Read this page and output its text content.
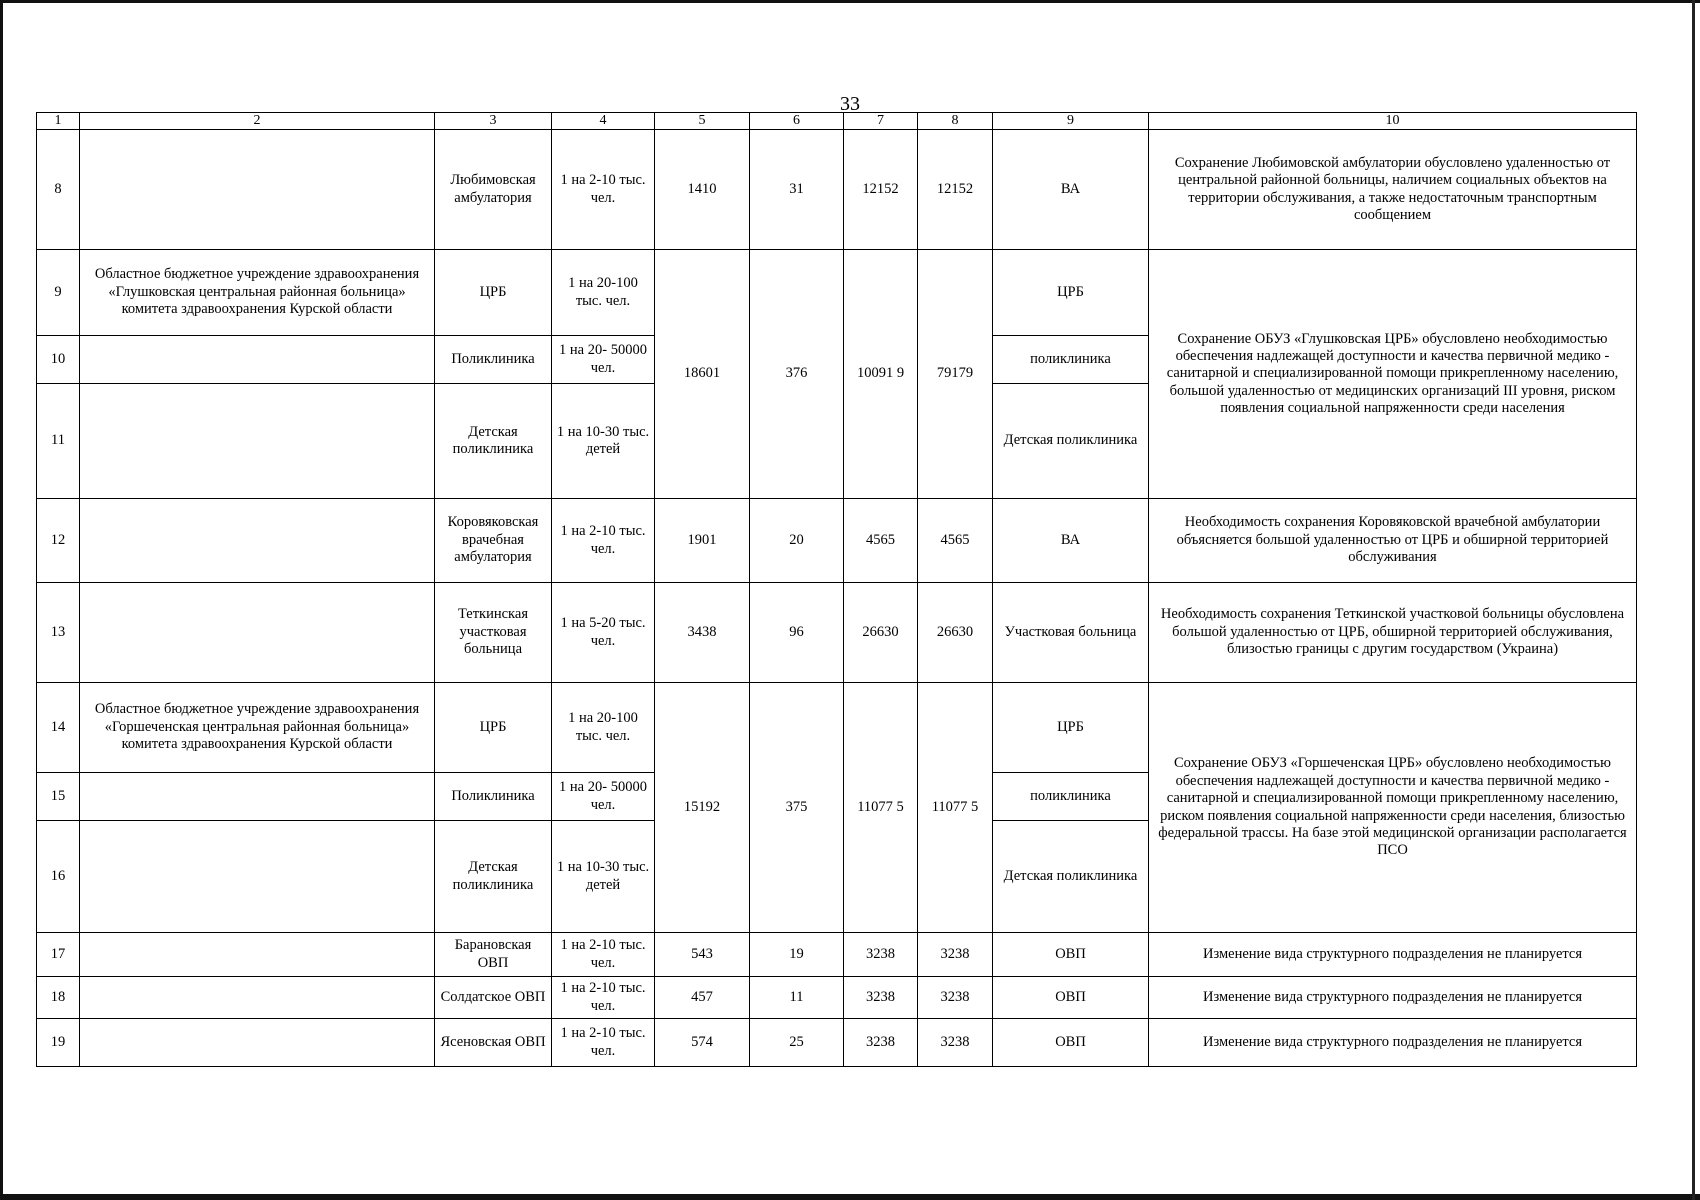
33
1	2	3	4	5	6	7	8	9	10
8		Любимовская амбулатория	1 на 2-10 тыс. чел.	1410	31	12152	12152	ВА	Сохранение Любимовской амбулатории обусловлено удаленностью от центральной районной больницы, наличием социальных объектов на территории обслуживания, а также недостаточным транспортным сообщением
9	Областное бюджетное учреждение здравоохранения «Глушковская центральная районная больница» комитета здравоохранения Курской области	ЦРБ	1 на 20-100 тыс. чел.	18601	376	10091 9	79179	ЦРБ	Сохранение ОБУЗ «Глушковская ЦРБ» обусловлено необходимостью обеспечения надлежащей доступности и качества первичной медико - санитарной и специализированной помощи прикрепленному населению, большой удаленностью от медицинских организаций III уровня, риском появления социальной напряженности среди населения
10		Поликлиника	1 на 20- 50000 чел.					поликлиника	
11		Детская поликлиника	1 на 10-30 тыс. детей					Детская поликлиника	
12		Коровяковская врачебная амбулатория	1 на 2-10 тыс. чел.	1901	20	4565	4565	ВА	Необходимость сохранения Коровяковской врачебной амбулатории объясняется большой удаленностью от ЦРБ и обширной территорией обслуживания
13		Теткинская участковая больница	1 на 5-20 тыс. чел.	3438	96	26630	26630	Участковая больница	Необходимость сохранения Теткинской участковой больницы обусловлена большой удаленностью от ЦРБ, обширной территорией обслуживания, близостью границы с другим государством (Украина)
14	Областное бюджетное учреждение здравоохранения «Горшеченская центральная районная больница» комитета здравоохранения Курской области	ЦРБ	1 на 20-100 тыс. чел.	15192	375	11077 5	11077 5	ЦРБ	Сохранение ОБУЗ «Горшеченская ЦРБ» обусловлено необходимостью обеспечения надлежащей доступности и качества первичной медико - санитарной и специализированной помощи прикрепленному населению, риском появления социальной напряженности среди населения, близостью федеральной трассы. На базе этой медицинской организации располагается ПСО
15		Поликлиника	1 на 20- 50000 чел.					поликлиника	
16		Детская поликлиника	1 на 10-30 тыс. детей					Детская поликлиника	
17		Барановская ОВП	1 на 2-10 тыс. чел.	543	19	3238	3238	ОВП	Изменение вида структурного подразделения не планируется
18		Солдатское ОВП	1 на 2-10 тыс. чел.	457	11	3238	3238	ОВП	Изменение вида структурного подразделения не планируется
19		Ясеновская ОВП	1 на 2-10 тыс. чел.	574	25	3238	3238	ОВП	Изменение вида структурного подразделения не планируется
